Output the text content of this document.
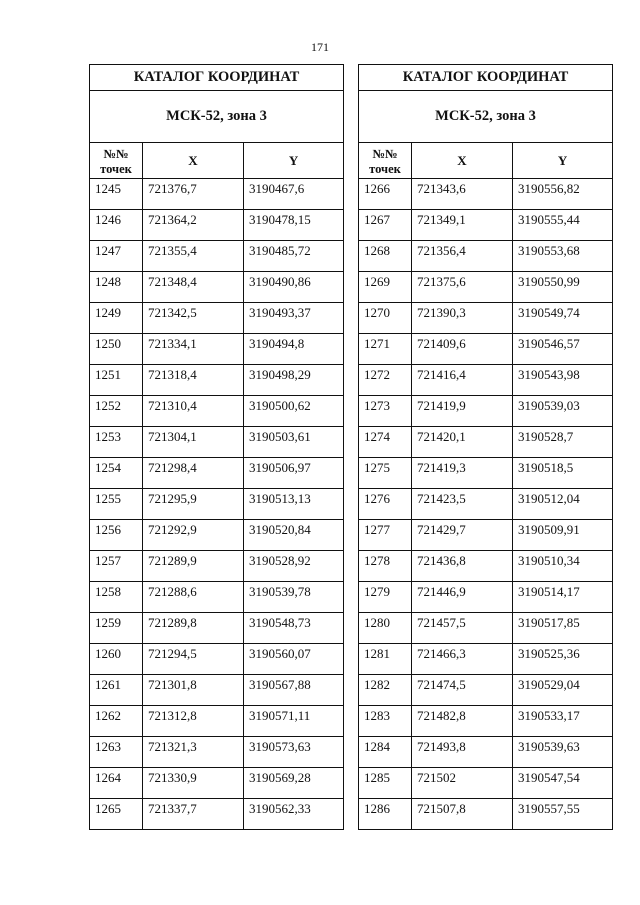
171
КАТАЛОГ КООРДИНАТ		
МСК-52, зона 3		
№№
точек	X	Y
1245	721376,7	3190467,6
1246	721364,2	3190478,15
1247	721355,4	3190485,72
1248	721348,4	3190490,86
1249	721342,5	3190493,37
1250	721334,1	3190494,8
1251	721318,4	3190498,29
1252	721310,4	3190500,62
1253	721304,1	3190503,61
1254	721298,4	3190506,97
1255	721295,9	3190513,13
1256	721292,9	3190520,84
1257	721289,9	3190528,92
1258	721288,6	3190539,78
1259	721289,8	3190548,73
1260	721294,5	3190560,07
1261	721301,8	3190567,88
1262	721312,8	3190571,11
1263	721321,3	3190573,63
1264	721330,9	3190569,28
1265	721337,7	3190562,33
КАТАЛОГ КООРДИНАТ		
МСК-52, зона 3		
№№
точек	X	Y
1266	721343,6	3190556,82
1267	721349,1	3190555,44
1268	721356,4	3190553,68
1269	721375,6	3190550,99
1270	721390,3	3190549,74
1271	721409,6	3190546,57
1272	721416,4	3190543,98
1273	721419,9	3190539,03
1274	721420,1	3190528,7
1275	721419,3	3190518,5
1276	721423,5	3190512,04
1277	721429,7	3190509,91
1278	721436,8	3190510,34
1279	721446,9	3190514,17
1280	721457,5	3190517,85
1281	721466,3	3190525,36
1282	721474,5	3190529,04
1283	721482,8	3190533,17
1284	721493,8	3190539,63
1285	721502	3190547,54
1286	721507,8	3190557,55
